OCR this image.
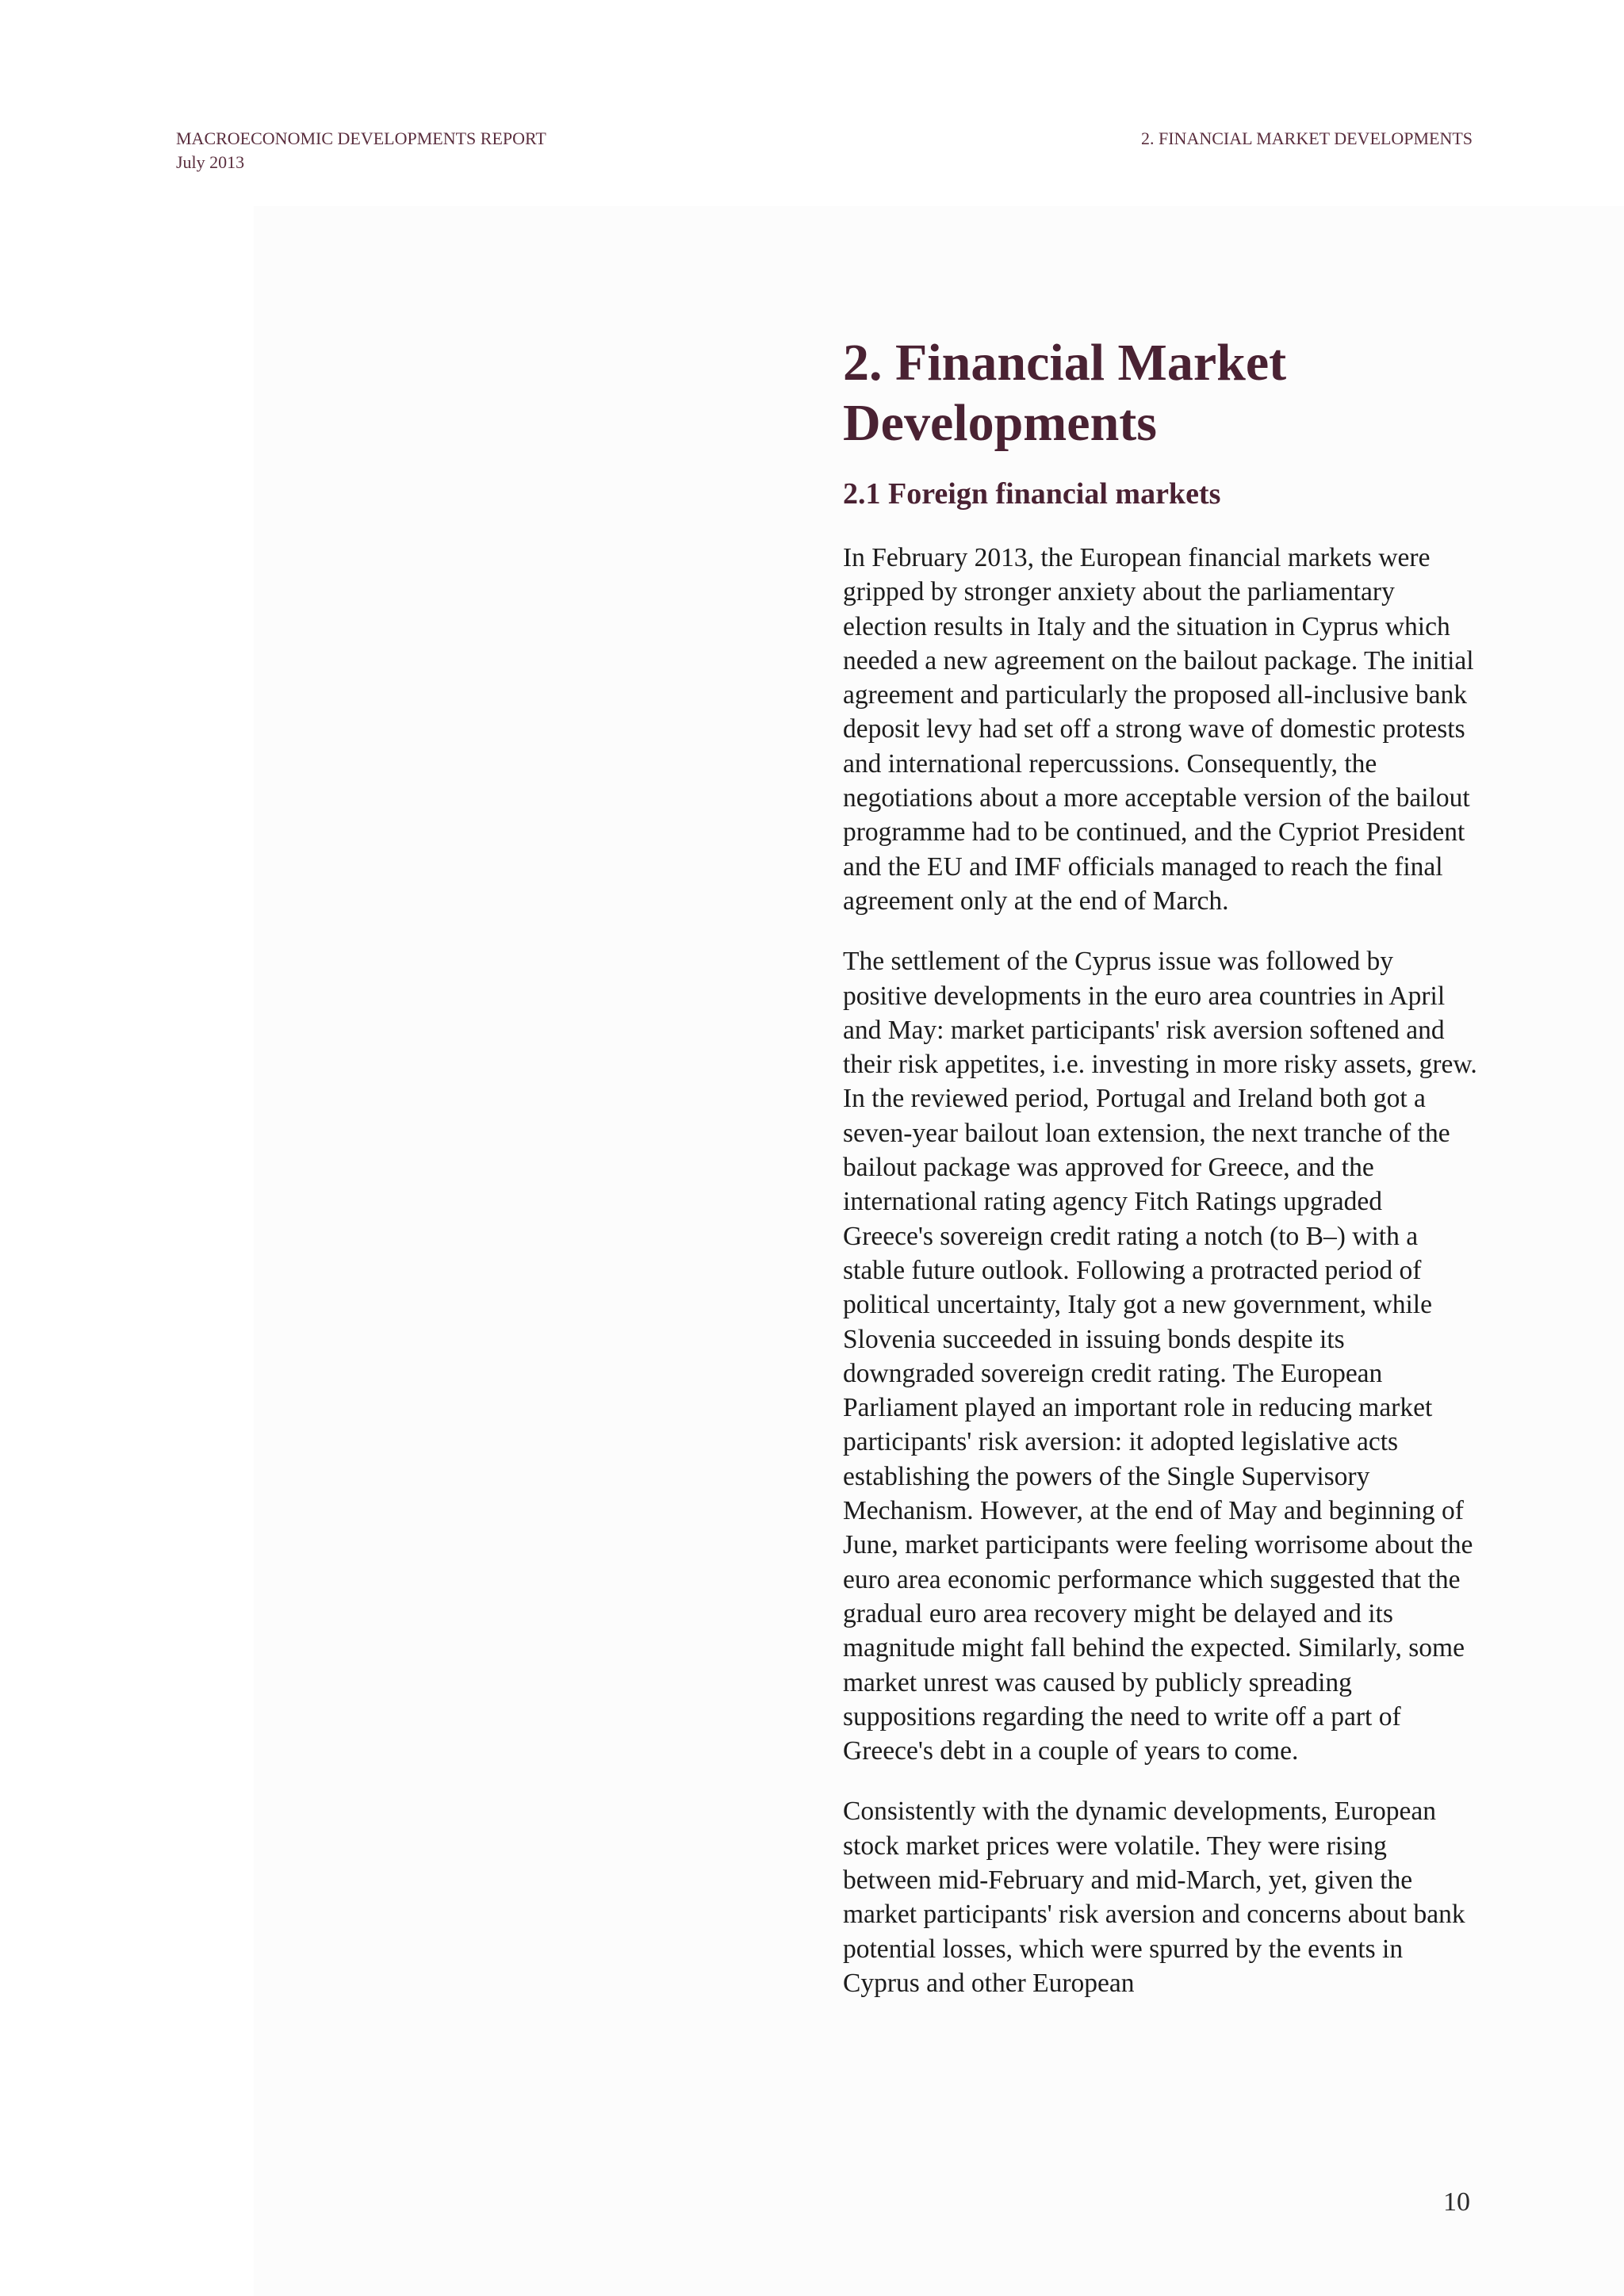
MACROECONOMIC DEVELOPMENTS REPORT
July 2013
2. FINANCIAL MARKET DEVELOPMENTS
2. Financial Market Developments
2.1 Foreign financial markets

In February 2013, the European financial markets were gripped by stronger anxiety about the parliamentary election results in Italy and the situation in Cyprus which needed a new agreement on the bailout package. The initial agreement and particularly the proposed all-inclusive bank deposit levy had set off a strong wave of domestic protests and international repercussions. Consequently, the negotiations about a more acceptable version of the bailout programme had to be continued, and the Cypriot President and the EU and IMF officials managed to reach the final agreement only at the end of March.

The settlement of the Cyprus issue was followed by positive developments in the euro area countries in April and May: market participants' risk aversion softened and their risk appetites, i.e. investing in more risky assets, grew. In the reviewed period, Portugal and Ireland both got a seven-year bailout loan extension, the next tranche of the bailout package was approved for Greece, and the international rating agency Fitch Ratings upgraded Greece's sovereign credit rating a notch (to B–) with a stable future outlook. Following a protracted period of political uncertainty, Italy got a new government, while Slovenia succeeded in issuing bonds despite its downgraded sovereign credit rating. The European Parliament played an important role in reducing market participants' risk aversion: it adopted legislative acts establishing the powers of the Single Supervisory Mechanism. However, at the end of May and beginning of June, market participants were feeling worrisome about the euro area economic performance which suggested that the gradual euro area recovery might be delayed and its magnitude might fall behind the expected. Similarly, some market unrest was caused by publicly spreading suppositions regarding the need to write off a part of Greece's debt in a couple of years to come.

Consistently with the dynamic developments, European stock market prices were volatile. They were rising between mid-February and mid-March, yet, given the market participants' risk aversion and concerns about bank potential losses, which were spurred by the events in Cyprus and other European

10
